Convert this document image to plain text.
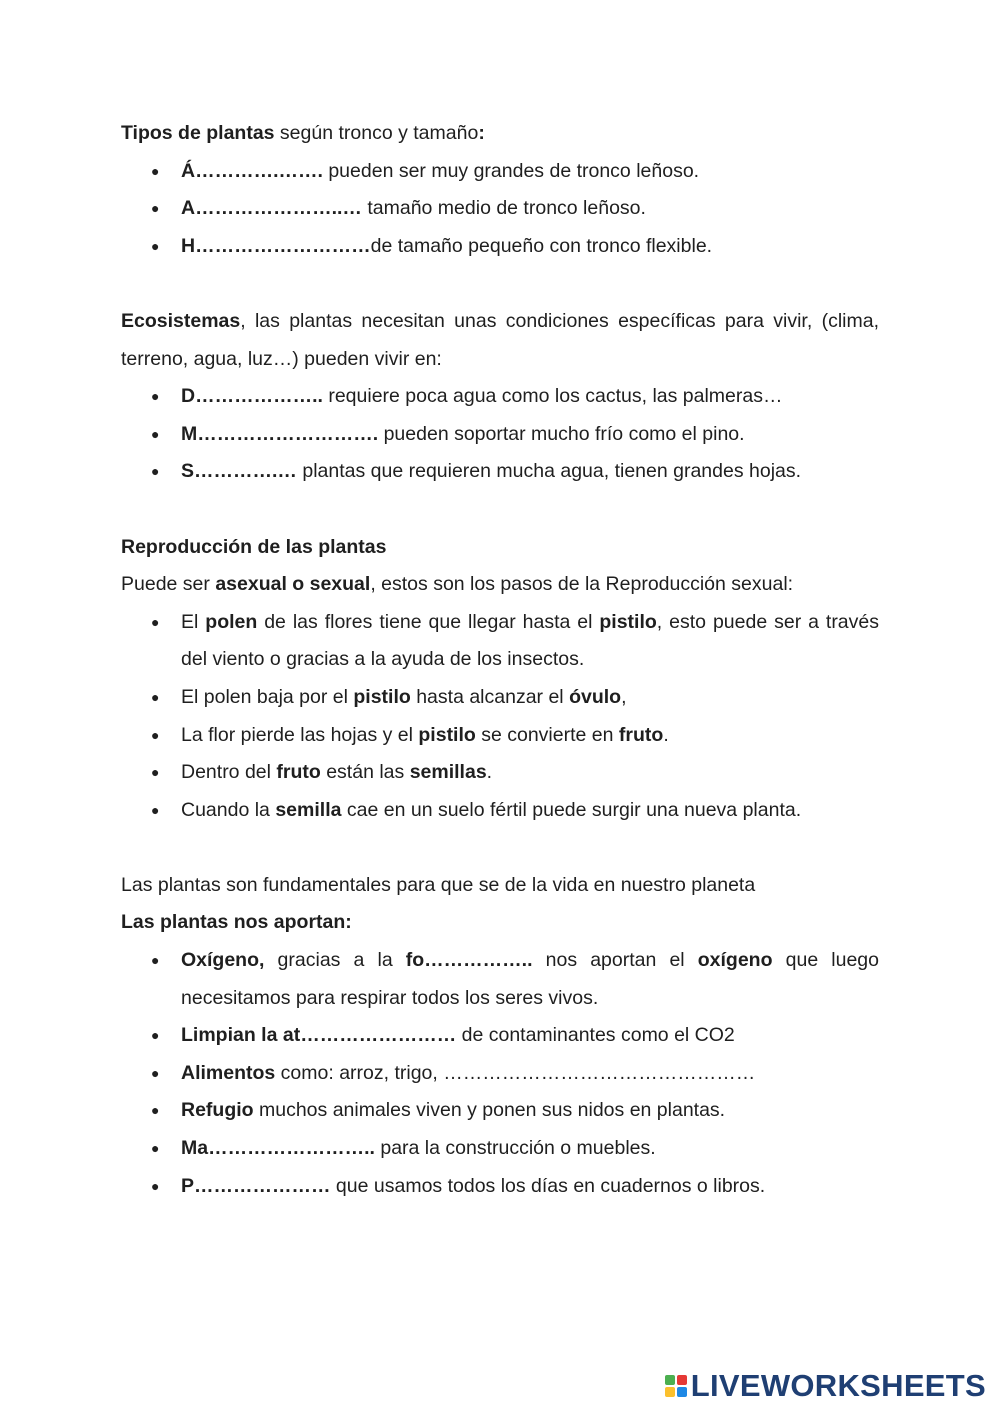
Tipos de plantas según tronco y tamaño:

● Á………….……. pueden ser muy grandes de tronco leñoso.
● A…………………..… tamaño medio de tronco leñoso.
● H………………………de tamaño pequeño con tronco flexible.

Ecosistemas, las plantas necesitan unas condiciones específicas para vivir, (clima, terreno, agua, luz…) pueden vivir en:

● D……………….. requiere poca agua como los cactus, las palmeras…
● M………………………. pueden soportar mucho frío como el pino.
● S………….… plantas que requieren mucha agua, tienen grandes hojas.

Reproducción de las plantas

Puede ser asexual o sexual, estos son los pasos de la Reproducción sexual:

● El polen de las flores tiene que llegar hasta el pistilo, esto puede ser a través del viento o gracias a la ayuda de los insectos.
● El polen baja por el pistilo hasta alcanzar el óvulo,
● La flor pierde las hojas y el pistilo se convierte en fruto.
● Dentro del fruto están las semillas.
● Cuando la semilla cae en un suelo fértil puede surgir una nueva planta.

Las plantas son fundamentales para que se de la vida en nuestro planeta

Las plantas nos aportan:

● Oxígeno, gracias a la fo…………….. nos aportan el oxígeno que luego necesitamos para respirar todos los seres vivos.
● Limpian la at…………………… de contaminantes como el CO2
● Alimentos como: arroz, trigo, …………………………………………
● Refugio muchos animales viven y ponen sus nidos en plantas.
● Ma…………………….. para la construcción o muebles.
● P………………… que usamos todos los días en cuadernos o libros.
LIVEWORKSHEETS
